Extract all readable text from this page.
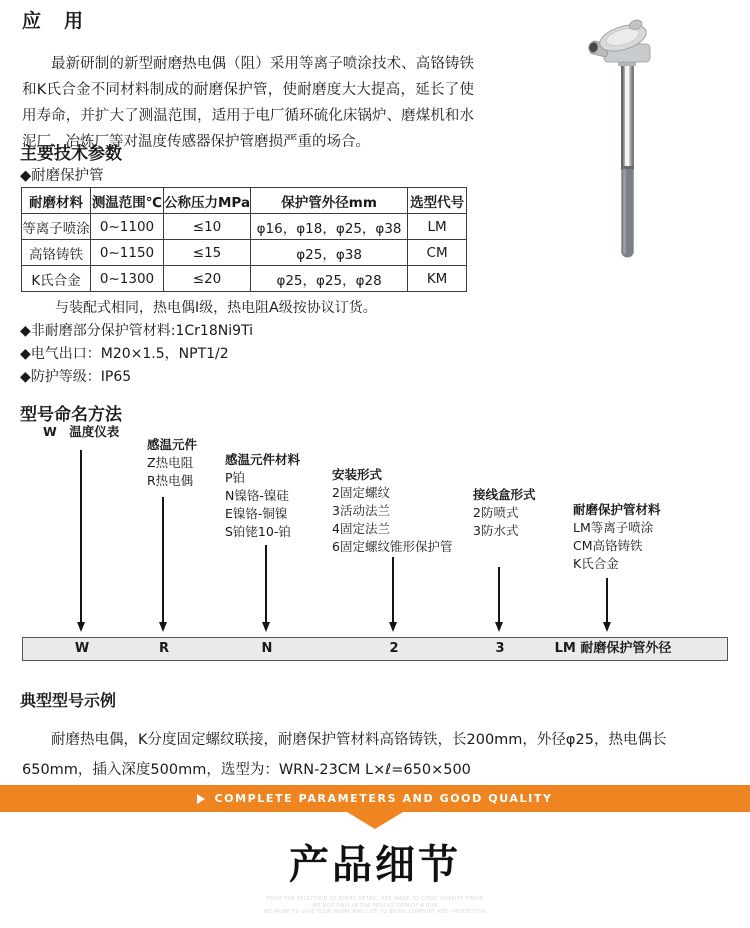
应　用

最新研制的新型耐磨热电偶（阻）采用等离子喷涂技术、高铬铸铁和K氏合金不同材料制成的耐磨保护管，使耐磨度大大提高，延长了使用寿命，并扩大了测温范围，适用于电厂循环硫化床锅炉、磨煤机和水泥厂、冶炼厂等对温度传感器保护管磨损严重的场合。

主要技术参数
◆耐磨保护管
耐磨材料	测温范围℃	公称压力MPa	保护管外径mm	选型代号
等离子喷涂	0~1100	≤10	φ16，φ18，φ25，φ38	LM
高铬铸铁	0~1150	≤15	φ25，φ38	CM
K氏合金	0~1300	≤20	φ25，φ25，φ28	KM
与装配式相同，热电偶I级，热电阻A级按协议订货。
◆非耐磨部分保护管材料:1Cr18Ni9Ti
◆电气出口：M20×1.5，NPT1/2
◆防护等级：IP65
型号命名方法
W　温度仪表
感温元件
Z热电阻
R热电偶
感温元件材料
P铂
N镍铬-镍硅
E镍铬-铜镍
S铂铑10-铂
安装形式
2固定螺纹
3活动法兰
4固定法兰
6固定螺纹锥形保护管
接线盒形式
2防喷式
3防水式
耐磨保护管材料
LM等离子喷涂
CM高铬铸铁
K氏合金
W	R	N	2	3	LM 耐磨保护管外径
典型型号示例

耐磨热电偶，K分度固定螺纹联接，耐磨保护管材料高铬铸铁，长200mm，外径φ25，热电偶长650mm，插入深度500mm，选型为：WRN-23CM L×ℓ=650×500

COMPLETE PARAMETERS AND GOOD QUALITY
产品细节
FROM THE SELECTION OF EVERY DETAIL, ARE MADE TO GOOD QUALITY FINISH
WE NOT ONLY IN THE PRODUCTION OF A RUN
WE MORE TO GIVE YOUR WORK AND LIFE TO BRING COMFORT AND PROTECTION
